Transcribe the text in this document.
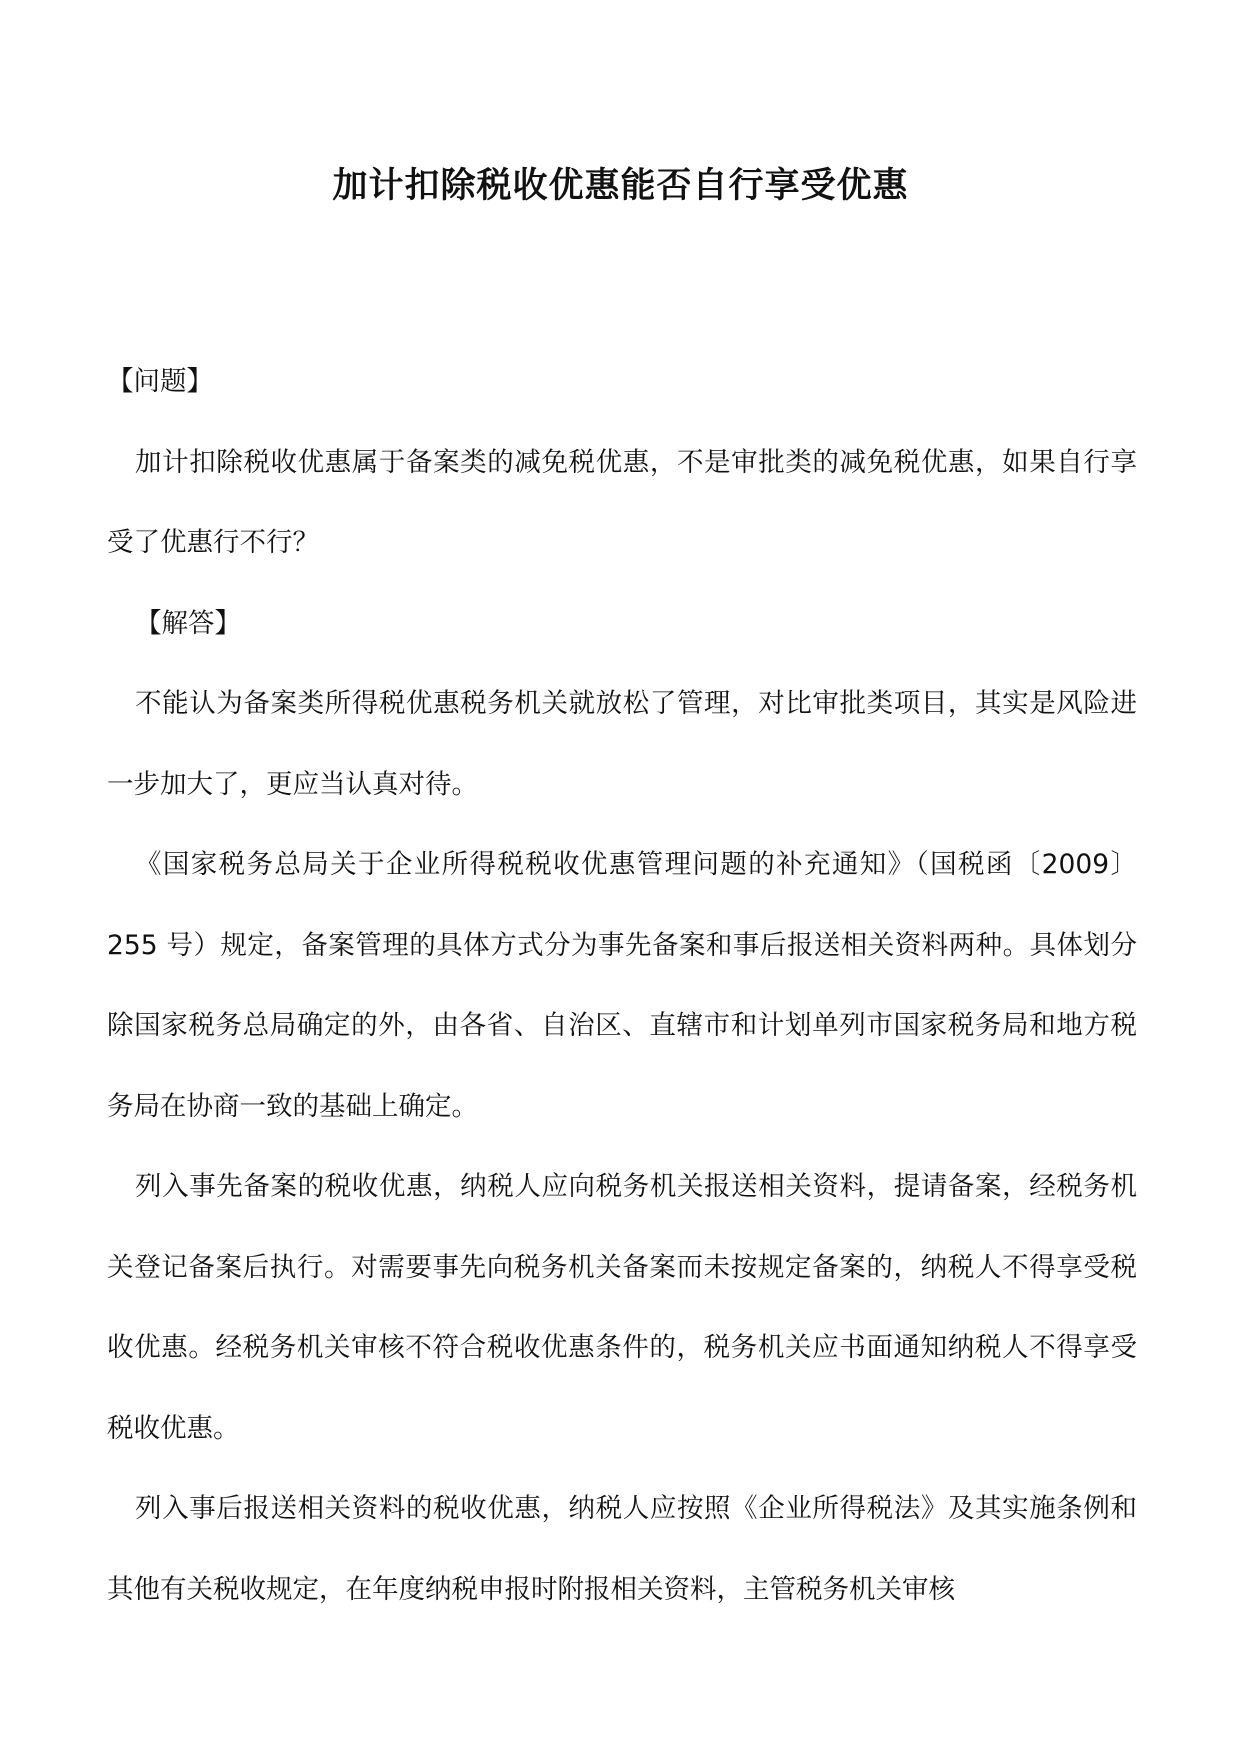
加计扣除税收优惠能否自行享受优惠

【问题】

加计扣除税收优惠属于备案类的减免税优惠，不是审批类的减免税优惠，如果自行享受了优惠行不行？

【解答】

不能认为备案类所得税优惠税务机关就放松了管理，对比审批类项目，其实是风险进一步加大了，更应当认真对待。

《国家税务总局关于企业所得税税收优惠管理问题的补充通知》（国税函〔2009〕255 号）规定，备案管理的具体方式分为事先备案和事后报送相关资料两种。具体划分除国家税务总局确定的外，由各省、自治区、直辖市和计划单列市国家税务局和地方税务局在协商一致的基础上确定。

列入事先备案的税收优惠，纳税人应向税务机关报送相关资料，提请备案，经税务机关登记备案后执行。对需要事先向税务机关备案而未按规定备案的，纳税人不得享受税收优惠。经税务机关审核不符合税收优惠条件的，税务机关应书面通知纳税人不得享受税收优惠。

列入事后报送相关资料的税收优惠，纳税人应按照《企业所得税法》及其实施条例和其他有关税收规定，在年度纳税申报时附报相关资料，主管税务机关审核
